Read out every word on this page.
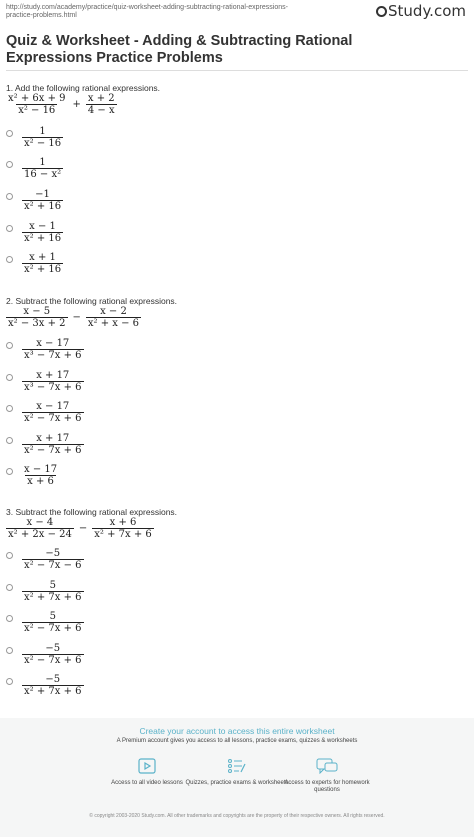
http://study.com/academy/practice/quiz-worksheet-adding-subtracting-rational-expressions-practice-problems.html	Study.com
Quiz & Worksheet - Adding & Subtracting Rational Expressions Practice Problems
1. Add the following rational expressions.
$\frac{\text{x² + 6x + 9}}{\text{x² − 16}} + \frac{x + 2}{4 - x}$
$\frac{1}{\text{x² − 16}}$
$\frac{1}{\text{16 − x²}}$
$\frac{-1}{\text{x² + 16}}$
$\frac{x - 1}{\text{x² + 16}}$
$\frac{x + 1}{\text{x² + 16}}$
2. Subtract the following rational expressions.
$\frac{x - 5}{\text{x² − 3x + 2}} - \frac{x - 2}{\text{x² + x − 6}}$
$\frac{x - 17}{\text{x³ − 7x + 6}}$
$\frac{x + 17}{\text{x³ − 7x + 6}}$
$\frac{x - 17}{\text{x² − 7x + 6}}$
$\frac{x + 17}{\text{x² − 7x + 6}}$
$\frac{x - 17}{x + 6}$
3. Subtract the following rational expressions.
$\frac{x - 4}{\text{x² + 2x − 24}} - \frac{x + 6}{\text{x² + 7x + 6}}$
$\frac{-5}{\text{x² − 7x − 6}}$
$\frac{5}{\text{x² + 7x + 6}}$
$\frac{5}{\text{x² − 7x + 6}}$
$\frac{-5}{\text{x² − 7x + 6}}$
$\frac{-5}{\text{x² + 7x + 6}}$
Create your account to access this entire worksheet
A Premium account gives you access to all lessons, practice exams, quizzes & worksheets
Access to all video lessons Quizzes, practice exams & worksheets
Access to experts for homework questions
© copyright 2003-2020 Study.com. All other trademarks and copyrights are the property of their respective owners. All rights reserved.
